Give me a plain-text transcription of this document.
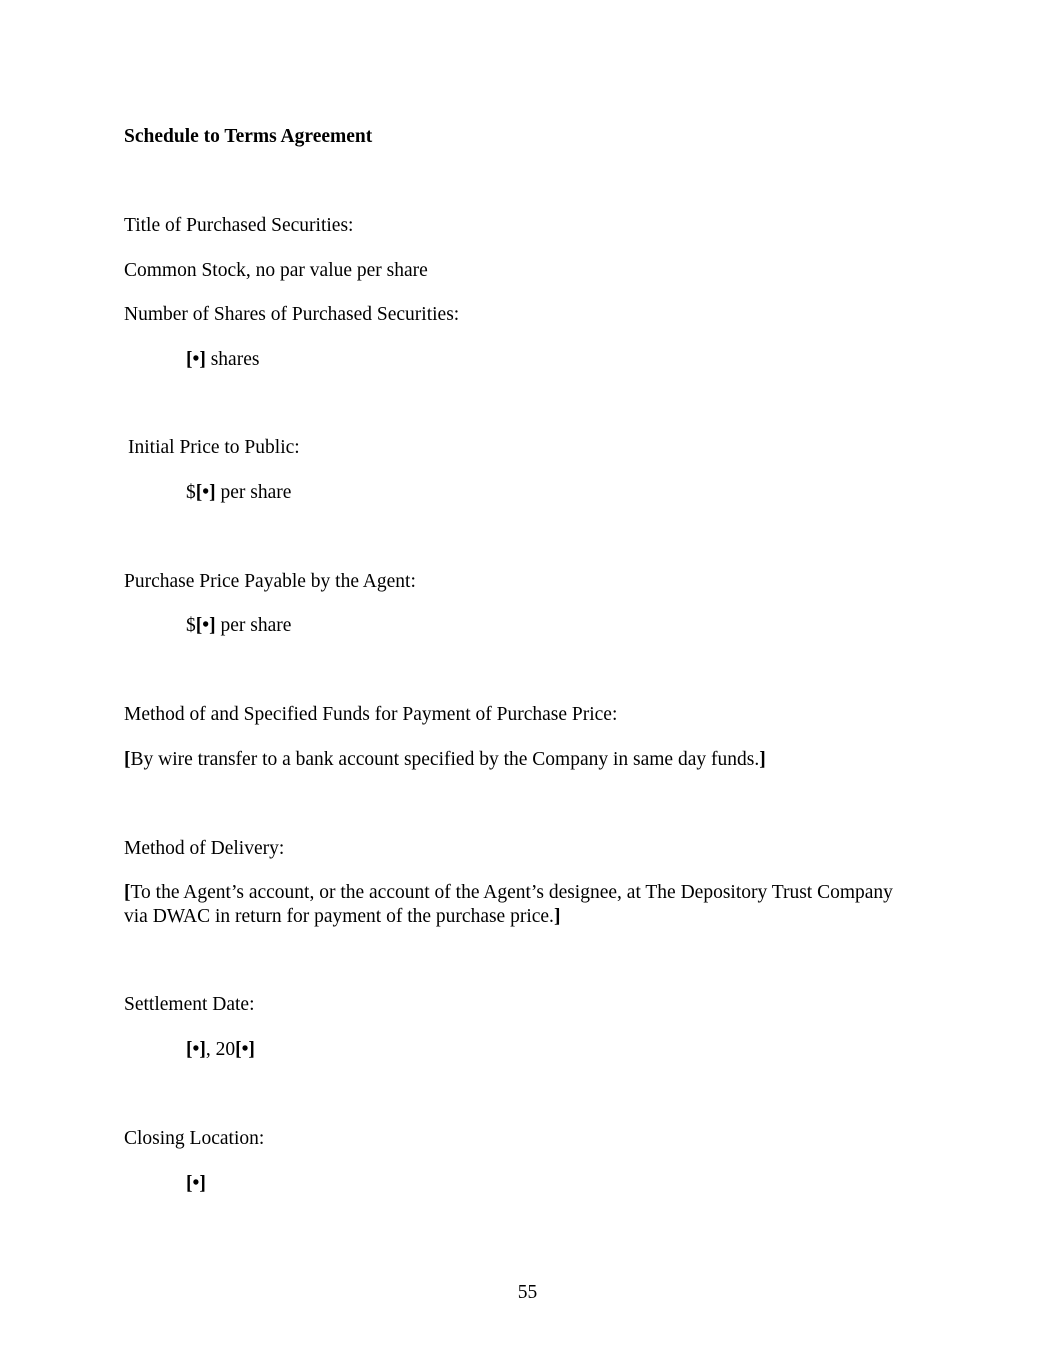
Schedule to Terms Agreement
Title of Purchased Securities:
Common Stock, no par value per share
Number of Shares of Purchased Securities:
[•] shares
Initial Price to Public:
$[•] per share
Purchase Price Payable by the Agent:
$[•] per share
Method of and Specified Funds for Payment of Purchase Price:
[By wire transfer to a bank account specified by the Company in same day funds.]
Method of Delivery:
[To the Agent’s account, or the account of the Agent’s designee, at The Depository Trust Company
via DWAC in return for payment of the purchase price.]
Settlement Date:
[•], 20[•]
Closing Location:
[•]
55
